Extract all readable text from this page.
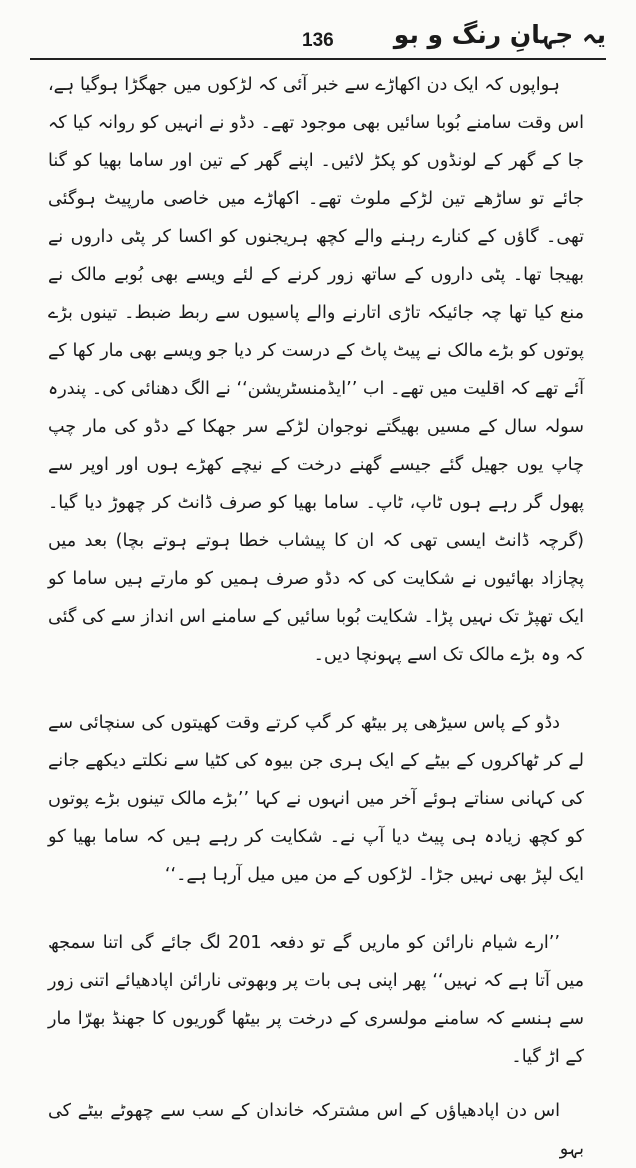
136 یہ جہانِ رنگ و بو

ہواپوں کہ ایک دن اکھاڑے سے خبر آئی کہ لڑکوں میں جھگڑا ہوگیا ہے، اس وقت سامنے بُوبا سائیں بھی موجود تھے۔ دڈو نے انہیں کو روانہ کیا کہ جا کے گھر کے لونڈوں کو پکڑ لائیں۔ اپنے گھر کے تین اور ساما بھیا کو گنا جائے تو ساڑھے تین لڑکے ملوث تھے۔ اکھاڑے میں خاصی مارپیٹ ہوگئی تھی۔ گاؤں کے کنارے رہنے والے کچھ ہریجنوں کو اکسا کر پٹی داروں نے بھیجا تھا۔ پٹی داروں کے ساتھ زور کرنے کے لئے ویسے بھی بُوبے مالک نے منع کیا تھا چہ جائیکہ تاڑی اتارنے والے پاسیوں سے ربط ضبط۔ تینوں بڑے پوتوں کو بڑے مالک نے پیٹ پاٹ کے درست کر دیا جو ویسے بھی مار کھا کے آئے تھے کہ اقلیت میں تھے۔ اب ’’ایڈمنسٹریشن‘‘ نے الگ دھنائی کی۔ پندرہ سولہ سال کے مسیں بھیگتے نوجوان لڑکے سر جھکا کے دڈو کی مار چپ چاپ یوں جھیل گئے جیسے گھنے درخت کے نیچے کھڑے ہوں اور اوپر سے پھول گر رہے ہوں ٹاپ، ٹاپ۔ ساما بھیا کو صرف ڈانٹ کر چھوڑ دیا گیا۔ (گرچہ ڈانٹ ایسی تھی کہ ان کا پیشاب خطا ہوتے ہوتے بچا) بعد میں پچازاد بھائیوں نے شکایت کی کہ دڈو صرف ہمیں کو مارتے ہیں ساما کو ایک تھپڑ تک نہیں پڑا۔ شکایت بُوبا سائیں کے سامنے اس انداز سے کی گئی کہ وہ بڑے مالک تک اسے پہونچا دیں۔

دڈو کے پاس سیڑھی پر بیٹھ کر گپ کرتے وقت کھیتوں کی سنچائی سے لے کر ٹھاکروں کے بیٹے کے ایک ہری جن بیوہ کی کٹیا سے نکلتے دیکھے جانے کی کہانی سناتے ہوئے آخر میں انہوں نے کہا ’’بڑے مالک تینوں بڑے پوتوں کو کچھ زیادہ ہی پیٹ دیا آپ نے۔ شکایت کر رہے ہیں کہ ساما بھیا کو ایک لپڑ بھی نہیں جڑا۔ لڑکوں کے من میں میل آرہا ہے۔‘‘

’’ارے شیام نارائن کو ماریں گے تو دفعہ 201 لگ جائے گی اتنا سمجھ میں آتا ہے کہ نہیں‘‘ پھر اپنی ہی بات پر وبھوتی نارائن اپادھیائے اتنی زور سے ہنسے کہ سامنے مولسری کے درخت پر بیٹھا گوریوں کا جھنڈ بھرّا مار کے اڑ گیا۔

اس دن اپادھیاؤں کے اس مشترکہ خاندان کے سب سے چھوٹے بیٹے کی بہو
